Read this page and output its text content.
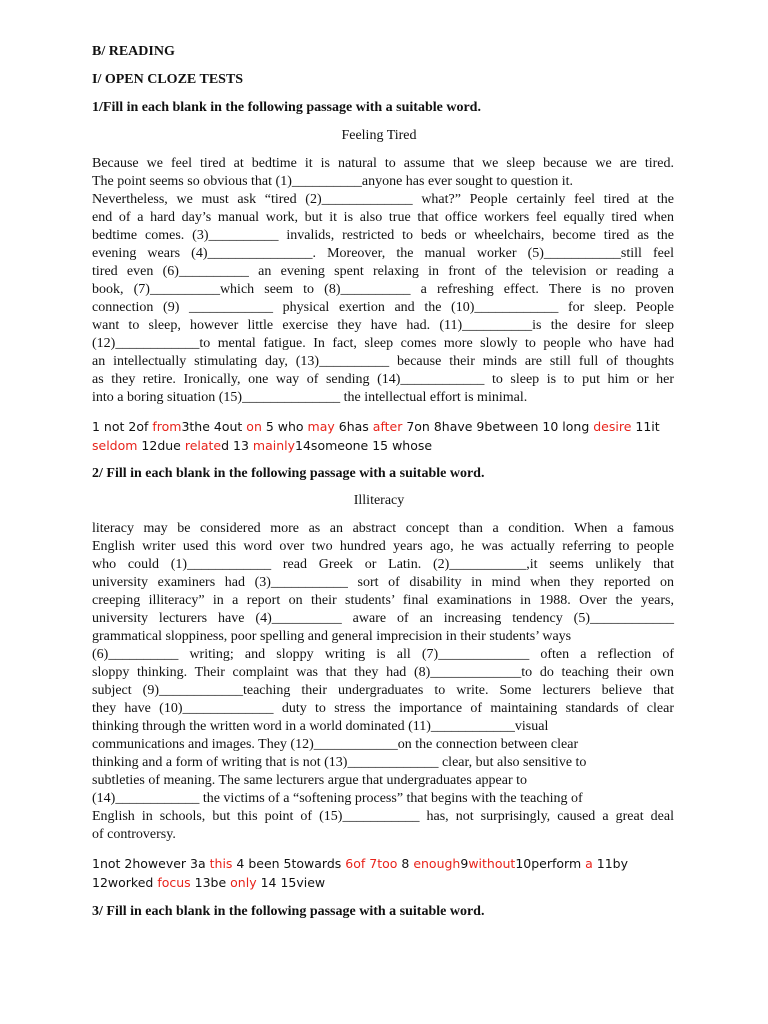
B/ READING
I/ OPEN CLOZE TESTS
1/Fill in each blank in the following passage with a suitable word.
Feeling Tired
Because we feel tired at bedtime it is natural to assume that we sleep because we are tired.
The point seems so obvious that (1)__________anyone has ever sought to question it.
Nevertheless, we must ask “tired (2)_____________ what?” People certainly feel tired at the
end of a hard day’s manual work, but it is also true that office workers feel equally tired when
bedtime comes. (3)__________ invalids, restricted to beds or wheelchairs, become tired as the
evening wears (4)_______________. Moreover, the manual worker (5)___________still feel
tired even (6)__________ an evening spent relaxing in front of the television or reading a
book, (7)__________which seem to (8)__________ a refreshing effect. There is no proven
connection (9) ____________ physical exertion and the (10)____________ for sleep. People
want to sleep, however little exercise they have had. (11)__________is the desire for sleep
(12)____________to mental fatigue. In fact, sleep comes more slowly to people who have had
an intellectually stimulating day, (13)__________ because their minds are still full of thoughts
as they retire. Ironically, one way of sending (14)____________ to sleep is to put him or her
into a boring situation (15)______________ the intellectual effort is minimal.
1 not 2of from3the 4out on 5 who may 6has after 7on 8have 9between 10 long desire 11it
seldom 12due related 13 mainly14someone 15 whose
2/ Fill in each blank in the following passage with a suitable word.
Illiteracy
literacy may be considered more as an abstract concept than a condition. When a famous
English writer used this word over two hundred years ago, he was actually referring to people
who could (1)____________ read Greek or Latin. (2)___________,it seems unlikely that
university examiners had (3)___________ sort of disability in mind when they reported on
creeping illiteracy” in a report on their students’ final examinations in 1988. Over the years,
university lecturers have (4)__________ aware of an increasing tendency (5)____________
grammatical sloppiness, poor spelling and general imprecision in their students’ ways
(6)__________ writing; and sloppy writing is all (7)_____________ often a reflection of
sloppy thinking. Their complaint was that they had (8)_____________to do teaching their own
subject (9)____________teaching their undergraduates to write. Some lecturers believe that
they have (10)_____________ duty to stress the importance of maintaining standards of clear
thinking through the written word in a world dominated (11)____________visual
communications and images. They (12)____________on the connection between clear
thinking and a form of writing that is not (13)_____________ clear, but also sensitive to
subtleties of meaning. The same lecturers argue that undergraduates appear to
(14)____________ the victims of a “softening process” that begins with the teaching of
English in schools, but this point of (15)___________ has, not surprisingly, caused a great deal
of controversy.
1not 2however 3a this 4 been 5towards 6of 7too 8 enough9without10perform a 11by
12worked focus 13be only 14 15view
3/ Fill in each blank in the following passage with a suitable word.
